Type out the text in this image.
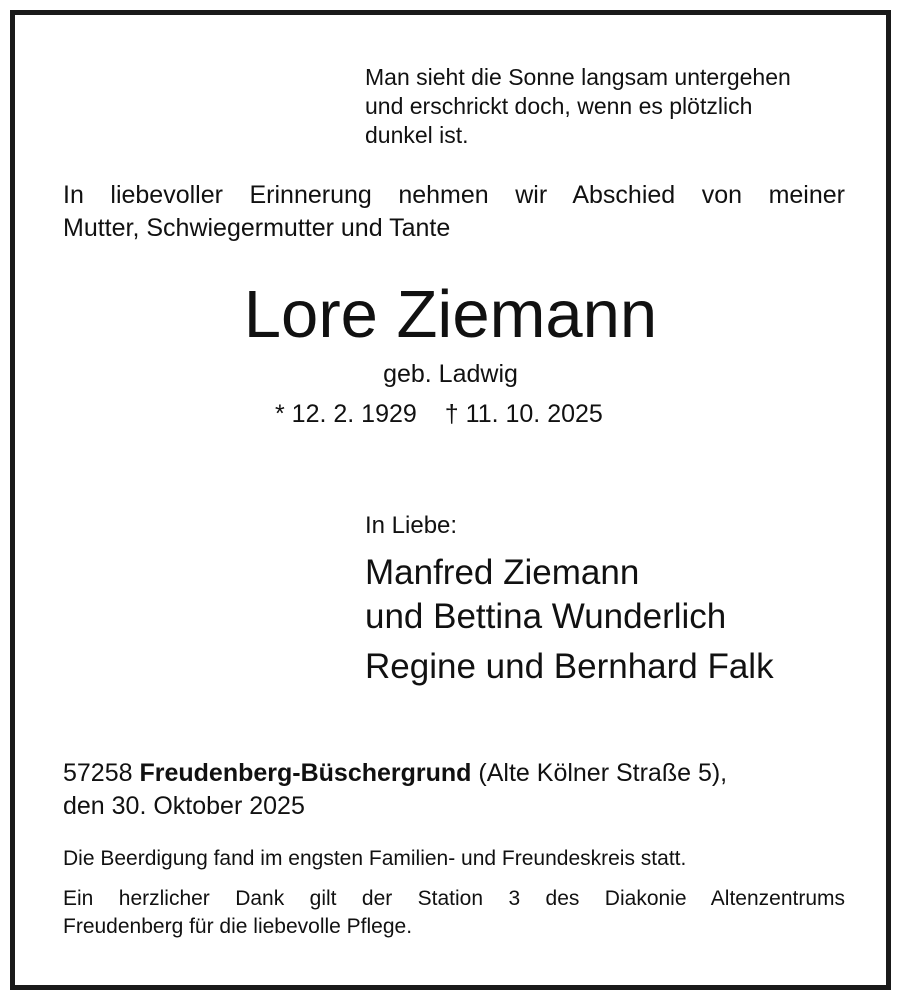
Man sieht die Sonne langsam untergehen
und erschrickt doch, wenn es plötzlich
dunkel ist.
In liebevoller Erinnerung nehmen wir Abschied von meiner
Mutter, Schwiegermutter und Tante
Lore Ziemann
geb. Ladwig
* 12. 2. 1929 † 11. 10. 2025
In Liebe:
Manfred Ziemann
und Bettina Wunderlich
Regine und Bernhard Falk
57258 Freudenberg-Büschergrund (Alte Kölner Straße 5),
den 30. Oktober 2025
Die Beerdigung fand im engsten Familien- und Freundeskreis statt.
Ein herzlicher Dank gilt der Station 3 des Diakonie Altenzentrums
Freudenberg für die liebevolle Pflege.
